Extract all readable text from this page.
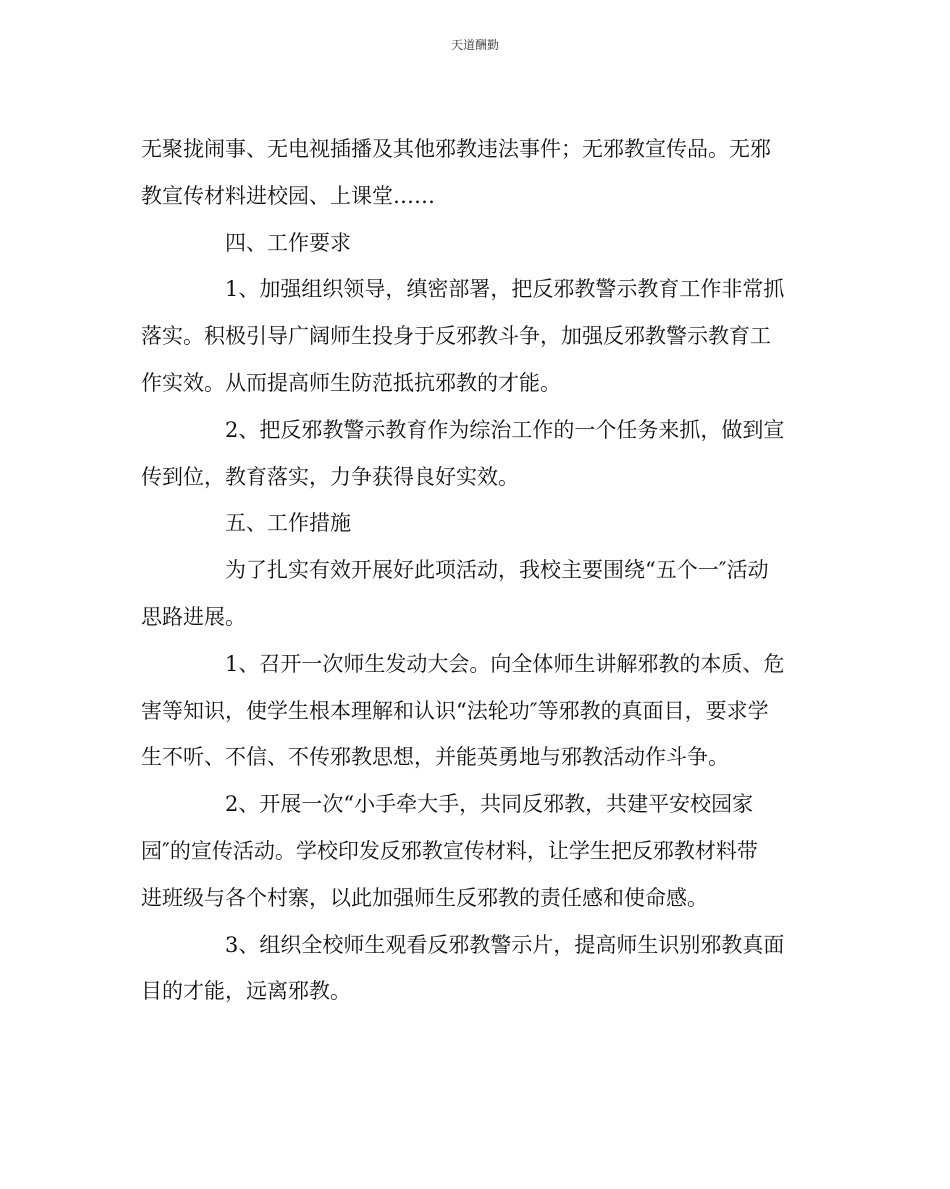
天道酬勤
无聚拢闹事、无电视插播及其他邪教违法事件；无邪教宣传品。无邪
教宣传材料进校园、上课堂……
四、工作要求
1、加强组织领导，缜密部署，把反邪教警示教育工作非常抓
落实。积极引导广阔师生投身于反邪教斗争，加强反邪教警示教育工
作实效。从而提高师生防范抵抗邪教的才能。
2、把反邪教警示教育作为综治工作的一个任务来抓，做到宣
传到位，教育落实，力争获得良好实效。
五、工作措施
为了扎实有效开展好此项活动，我校主要围绕“五个一″活动
思路进展。
1、召开一次师生发动大会。向全体师生讲解邪教的本质、危
害等知识，使学生根本理解和认识“法轮功″等邪教的真面目，要求学
生不听、不信、不传邪教思想，并能英勇地与邪教活动作斗争。
2、开展一次“小手牵大手，共同反邪教，共建平安校园家
园″的宣传活动。学校印发反邪教宣传材料，让学生把反邪教材料带
进班级与各个村寨，以此加强师生反邪教的责任感和使命感。
3、组织全校师生观看反邪教警示片，提高师生识别邪教真面
目的才能，远离邪教。
